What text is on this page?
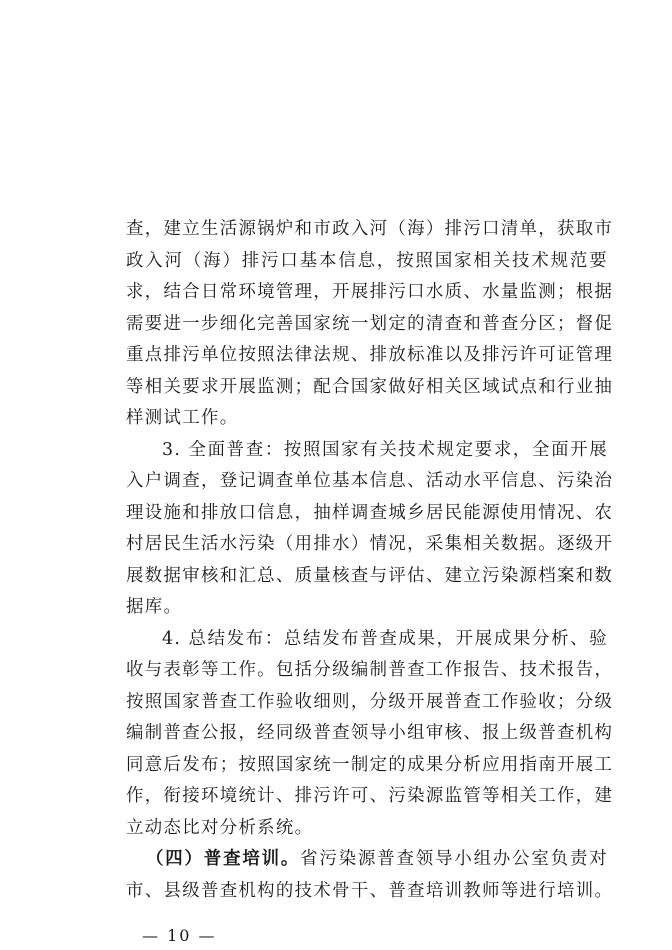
查，建立生活源锅炉和市政入河（海）排污口清单，获取市
政入河（海）排污口基本信息，按照国家相关技术规范要
求，结合日常环境管理，开展排污口水质、水量监测；根据
需要进一步细化完善国家统一划定的清查和普查分区；督促
重点排污单位按照法律法规、排放标准以及排污许可证管理
等相关要求开展监测；配合国家做好相关区域试点和行业抽
样测试工作。
3. 全面普查：按照国家有关技术规定要求，全面开展
入户调查，登记调查单位基本信息、活动水平信息、污染治
理设施和排放口信息，抽样调查城乡居民能源使用情况、农
村居民生活水污染（用排水）情况，采集相关数据。逐级开
展数据审核和汇总、质量核查与评估、建立污染源档案和数
据库。
4. 总结发布：总结发布普查成果，开展成果分析、验
收与表彰等工作。包括分级编制普查工作报告、技术报告，
按照国家普查工作验收细则，分级开展普查工作验收；分级
编制普查公报，经同级普查领导小组审核、报上级普查机构
同意后发布；按照国家统一制定的成果分析应用指南开展工
作，衔接环境统计、排污许可、污染源监管等相关工作，建
立动态比对分析系统。
（四）普查培训。省污染源普查领导小组办公室负责对
市、县级普查机构的技术骨干、普查培训教师等进行培训。
— 10 —
